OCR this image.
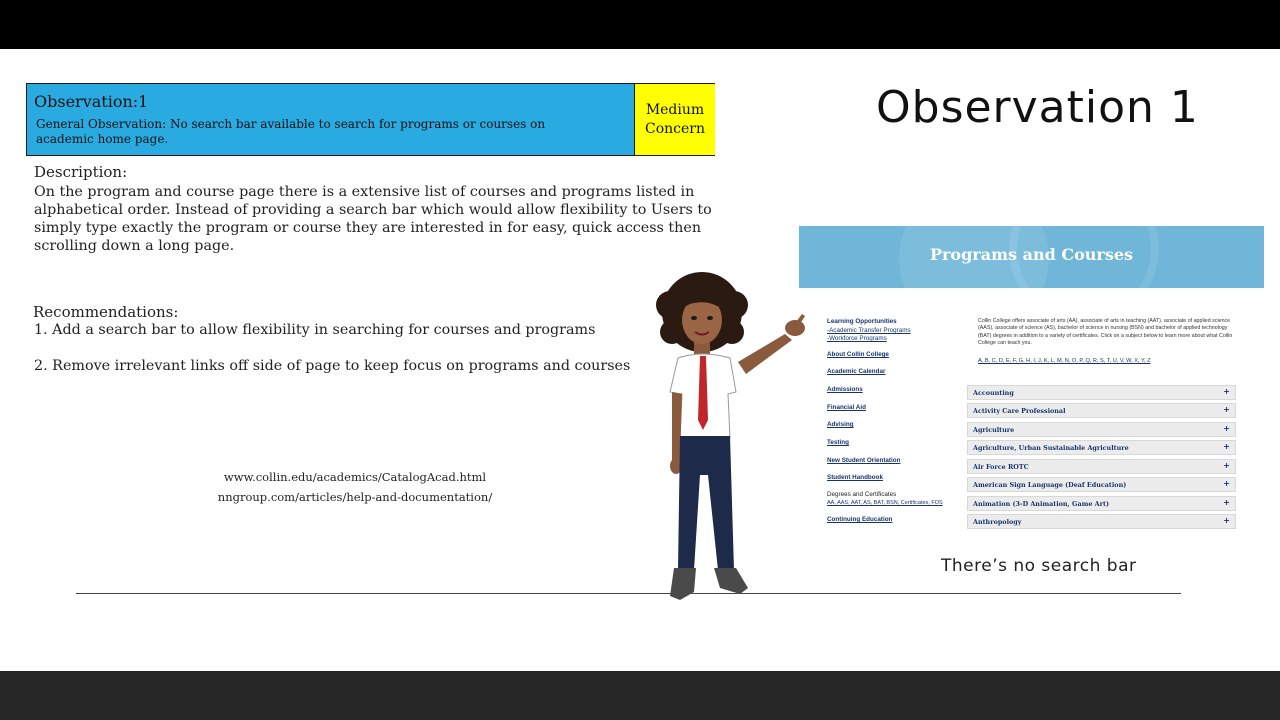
Observation:1
General Observation: No search bar available to search for programs or courses on academic home page.
Medium
Concern
Description:
On the program and course page there is a extensive list of courses and programs listed in alphabetical order. Instead of providing a search bar which would allow flexibility to Users to simply type exactly the program or course they are interested in for easy, quick access then scrolling down a long page.
Recommendations:
1. Add a search bar to allow flexibility in searching for courses and programs
2. Remove irrelevant links off side of page to keep focus on programs and courses
www.collin.edu/academics/CatalogAcad.html
nngroup.com/articles/help-and-documentation/
Observation 1
Programs and Courses
Learning Opportunities
-Academic Transfer Programs
-Workforce Programs
About Collin College
Academic Calendar
Admissions
Financial Aid
Advising
Testing
New Student Orientation
Student Handbook
Degrees and Certificates
AA, AAS, AAT, AS, BAT, BSN, Certificates, FOS
Continuing Education
Collin College offers associate of arts (AA), associate of arts in teaching (AAT), associate of applied science (AAS), associate of science (AS), bachelor of science in nursing (BSN) and bachelor of applied technology (BAT) degrees in addition to a variety of certificates. Click on a subject below to learn more about what Collin College can teach you.
A, B, C, D, E, F, G, H, I, J, K, L, M, N, O, P, Q, R, S, T, U, V, W, X, Y, Z
Accounting	+
Activity Care Professional	+
Agriculture	+
Agriculture, Urban Sustainable Agriculture	+
Air Force ROTC	+
American Sign Language (Deaf Education)	+
Animation (3-D Animation, Game Art)	+
Anthropology	+
There’s no search bar
